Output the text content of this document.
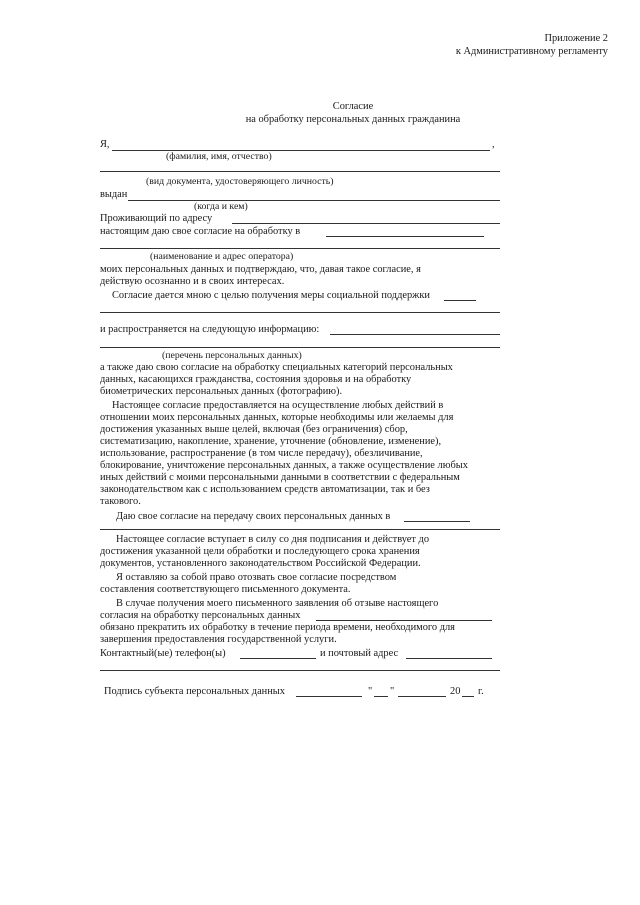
Приложение 2
к Административному регламенту
Согласие
на обработку персональных данных гражданина
Я,	,
(фамилия, имя, отчество)
(вид документа, удостоверяющего личность)
выдан
(когда и кем)
Проживающий по адресу
настоящим даю свое согласие на обработку в
(наименование и адрес оператора)
моих персональных данных и подтверждаю, что, давая такое согласие, я
действую осознанно и в своих интересах.
Согласие дается мною с целью получения меры социальной поддержки
и распространяется на следующую информацию:
(перечень персональных данных)
а также даю свою согласие на обработку специальных категорий персональных
данных, касающихся гражданства, состояния здоровья и на обработку
биометрических персональных данных (фотографию).
Настоящее согласие предоставляется на осуществление любых действий в
отношении моих персональных данных, которые необходимы или желаемы для
достижения указанных выше целей, включая (без ограничения) сбор,
систематизацию, накопление, хранение, уточнение (обновление, изменение),
использование, распространение (в том числе передачу), обезличивание,
блокирование, уничтожение персональных данных, а также осуществление любых
иных действий с моими персональными данными в соответствии с федеральным
законодательством как с использованием средств автоматизации, так и без
такового.
Даю свое согласие на передачу своих персональных данных в
Настоящее согласие вступает в силу со дня подписания и действует до
достижения указанной цели обработки и последующего срока хранения
документов, установленного законодательством Российской Федерации.
Я оставляю за собой право отозвать свое согласие посредством
составления соответствующего письменного документа.
В случае получения моего письменного заявления об отзыве настоящего
согласия на обработку персональных данных
обязано прекратить их обработку в течение периода времени, необходимого для
завершения предоставления государственной услуги.
Контактный(ые) телефон(ы)	и почтовый адрес
Подпись субъекта персональных данных	" "	20 г.
